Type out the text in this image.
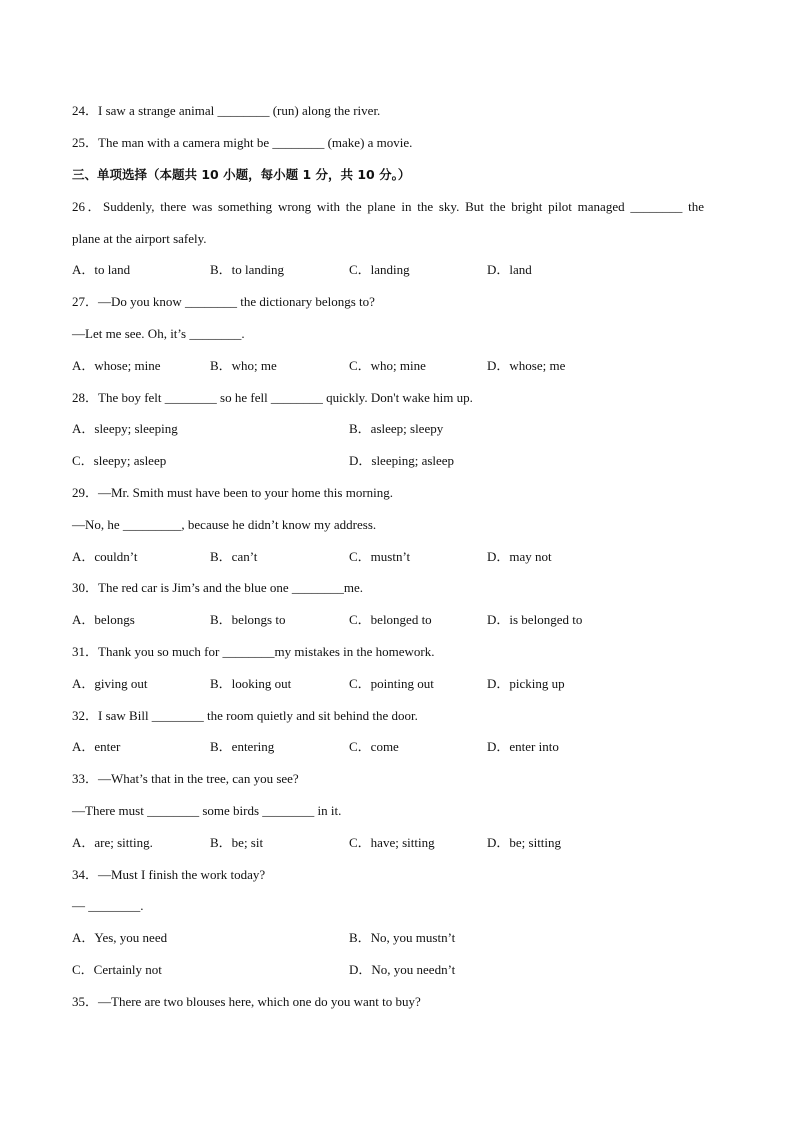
24．I saw a strange animal ________ (run) along the river.
25．The man with a camera might be ________ (make) a movie.
三、单项选择（本题共 10 小题，每小题 1 分，共 10 分。）
26．Suddenly, there was something wrong with the plane in the sky. But the bright pilot managed ________ the
plane at the airport safely.
A．to land	B．to landing	C．landing	D．land
27．—Do you know ________ the dictionary belongs to?
—Let me see. Oh, it’s ________.
A．whose; mine	B．who; me	C．who; mine	D．whose; me
28．The boy felt ________ so he fell ________ quickly. Don't wake him up.
A．sleepy; sleeping	B．asleep; sleepy
C．sleepy; asleep	D．sleeping; asleep
29．—Mr. Smith must have been to your home this morning.
—No, he _________, because he didn’t know my address.
A．couldn’t	B．can’t	C．mustn’t	D．may not
30．The red car is Jim’s and the blue one ________me.
A．belongs	B．belongs to	C．belonged to	D．is belonged to
31．Thank you so much for ________my mistakes in the homework.
A．giving out	B．looking out	C．pointing out	D．picking up
32．I saw Bill ________ the room quietly and sit behind the door.
A．enter	B．entering	C．come	D．enter into
33．—What’s that in the tree, can you see?
—There must ________ some birds ________ in it.
A．are; sitting.	B．be; sit	C．have; sitting	D．be; sitting
34．—Must I finish the work today?
— ________.
A．Yes, you need	B．No, you mustn’t
C．Certainly not	D．No, you needn’t
35．—There are two blouses here, which one do you want to buy?
